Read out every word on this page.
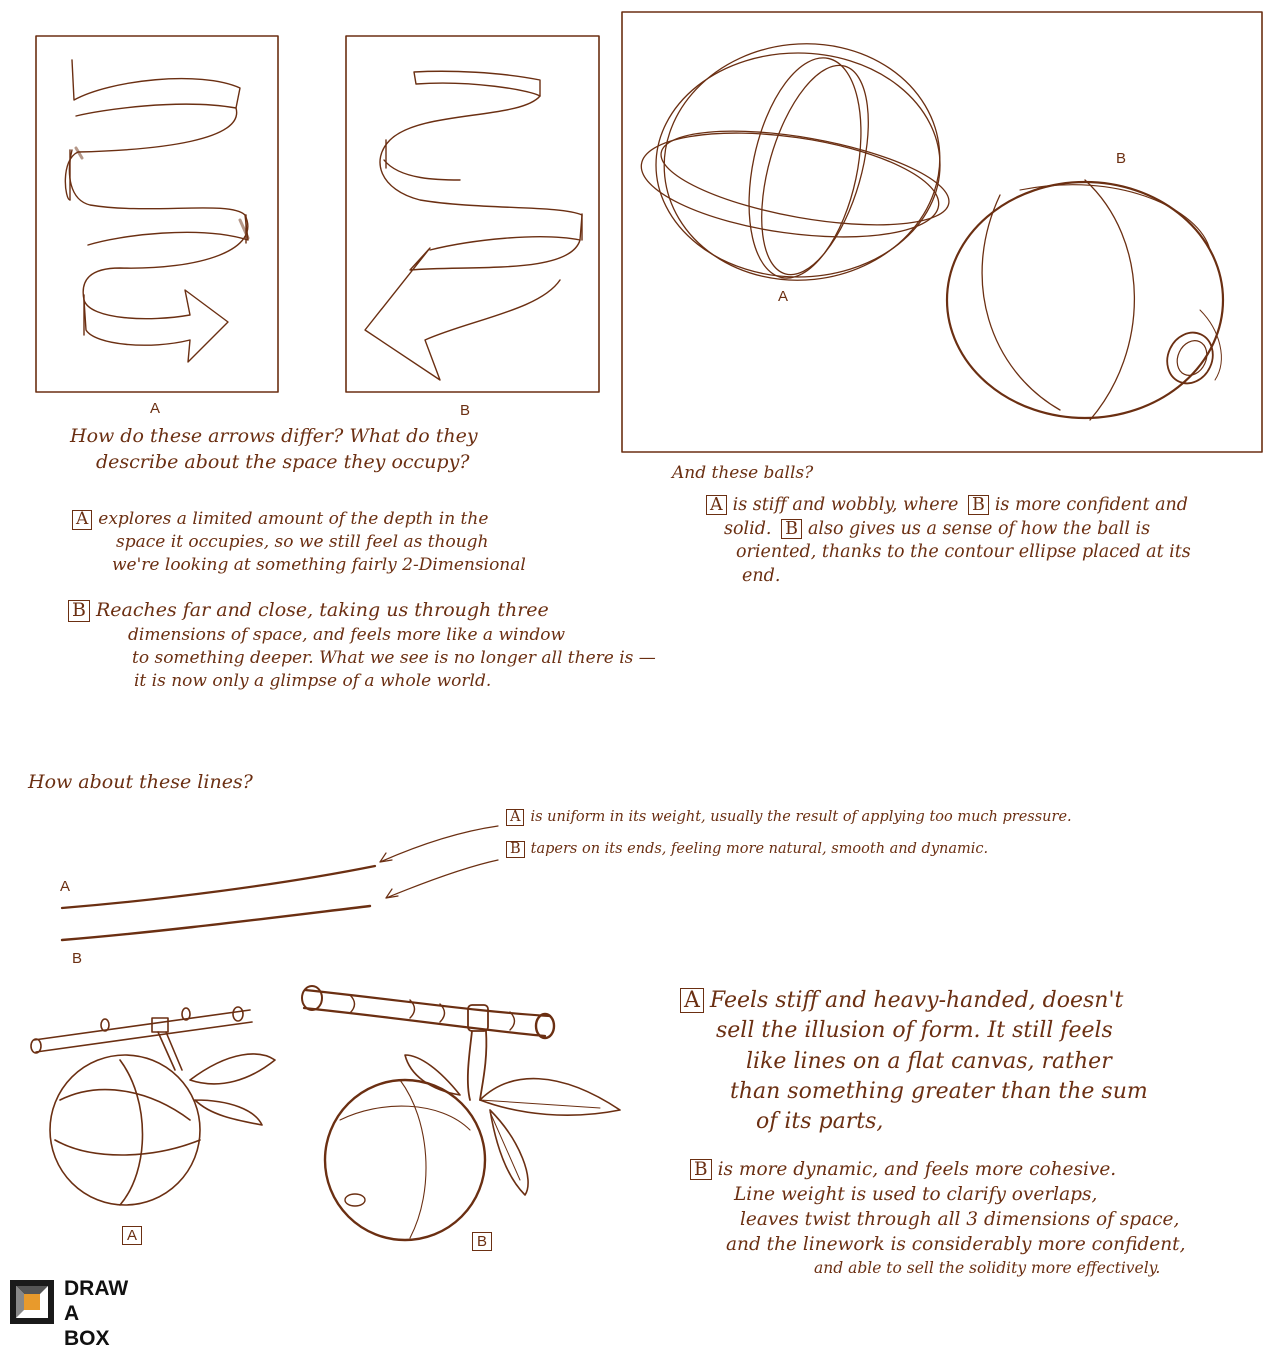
A	B
A
B
A
B
A	B
How do these arrows differ? What do they
describe about the space they occupy?
A explores a limited amount of the depth in the
space it occupies, so we still feel as though
we're looking at something fairly 2-Dimensional
B Reaches far and close, taking us through three
dimensions of space, and feels more like a window
to something deeper. What we see is no longer all there is —
it is now only a glimpse of a whole world.
And these balls?
A is stiff and wobbly, where B is more confident and
solid. B also gives us a sense of how the ball is
oriented, thanks to the contour ellipse placed at its
end.
How about these lines?
A is uniform in its weight, usually the result of applying too much pressure.
B tapers on its ends, feeling more natural, smooth and dynamic.
A Feels stiff and heavy-handed, doesn't
sell the illusion of form. It still feels
like lines on a flat canvas, rather
than something greater than the sum
of its parts,
B is more dynamic, and feels more cohesive.
Line weight is used to clarify overlaps,
leaves twist through all 3 dimensions of space,
and the linework is considerably more confident,
and able to sell the solidity more effectively.
DRAW
A BOX
